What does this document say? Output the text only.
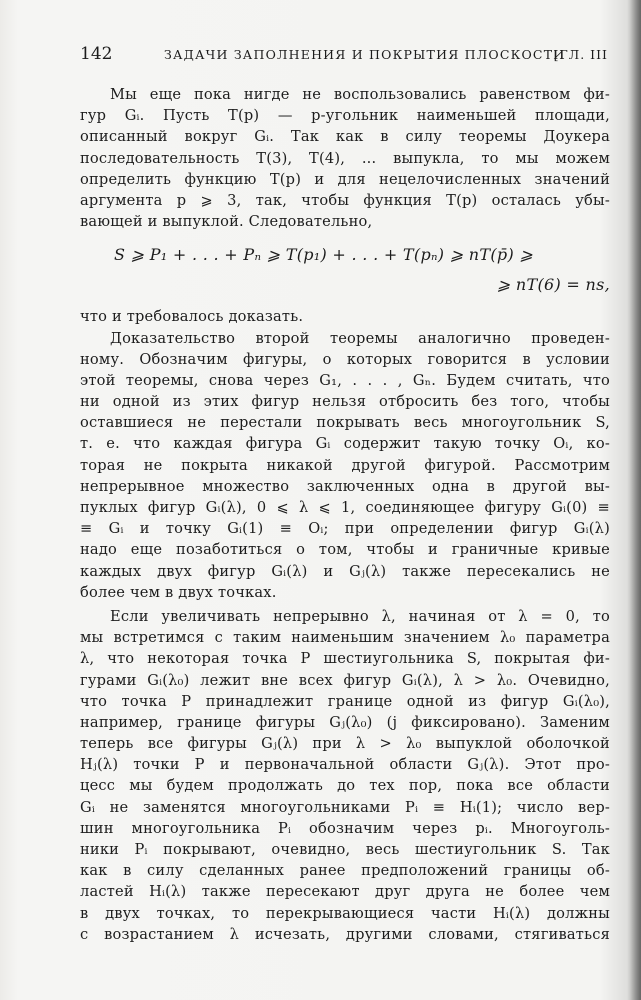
142	ЗАДАЧИ ЗАПОЛНЕНИЯ И ПОКРЫТИЯ ПЛОСКОСТИ
[ГЛ. III
Мы еще пока нигде не воспользовались равенством фи-
гур Gᵢ. Пусть T(p) — p-угольник наименьшей площади,
описанный вокруг Gᵢ. Так как в силу теоремы Доукера
последовательность T(3), T(4), ... выпукла, то мы можем
определить функцию T(p) и для нецелочисленных значений
аргумента p ⩾ 3, так, чтобы функция T(p) осталась убы-
вающей и выпуклой. Следовательно,
S ⩾ P₁ + . . . + Pₙ ⩾ T(p₁) + . . . + T(pₙ) ⩾ nT(p̄) ⩾
⩾ nT(6) = ns,
что и требовалось доказать.
Доказательство второй теоремы аналогично проведен-
ному. Обозначим фигуры, о которых говорится в условии
этой теоремы, снова через G₁, . . . , Gₙ. Будем считать, что
ни одной из этих фигур нельзя отбросить без того, чтобы
оставшиеся не перестали покрывать весь многоугольник S,
т. е. что каждая фигура Gᵢ содержит такую точку Oᵢ, ко-
торая не покрыта никакой другой фигурой. Рассмотрим
непрерывное множество заключенных одна в другой вы-
пуклых фигур Gᵢ(λ), 0 ⩽ λ ⩽ 1, соединяющее фигуру Gᵢ(0) ≡
≡ Gᵢ и точку Gᵢ(1) ≡ Oᵢ; при определении фигур Gᵢ(λ)
надо еще позаботиться о том, чтобы и граничные кривые
каждых двух фигур Gᵢ(λ) и Gⱼ(λ) также пересекались не
более чем в двух точках.
Если увеличивать непрерывно λ, начиная от λ = 0, то
мы встретимся с таким наименьшим значением λ₀ параметра
λ, что некоторая точка P шестиугольника S, покрытая фи-
гурами Gᵢ(λ₀) лежит вне всех фигур Gᵢ(λ), λ > λ₀. Очевидно,
что точка P принадлежит границе одной из фигур Gᵢ(λ₀),
например, границе фигуры Gⱼ(λ₀) (j фиксировано). Заменим
теперь все фигуры Gⱼ(λ) при λ > λ₀ выпуклой оболочкой
Hⱼ(λ) точки P и первоначальной области Gⱼ(λ). Этот про-
цесс мы будем продолжать до тех пор, пока все области
Gᵢ не заменятся многоугольниками Pᵢ ≡ Hᵢ(1); число вер-
шин многоугольника Pᵢ обозначим через pᵢ. Многоуголь-
ники Pᵢ покрывают, очевидно, весь шестиугольник S. Так
как в силу сделанных ранее предположений границы об-
ластей Hᵢ(λ) также пересекают друг друга не более чем
в двух точках, то перекрывающиеся части Hᵢ(λ) должны
с возрастанием λ исчезать, другими словами, стягиваться
